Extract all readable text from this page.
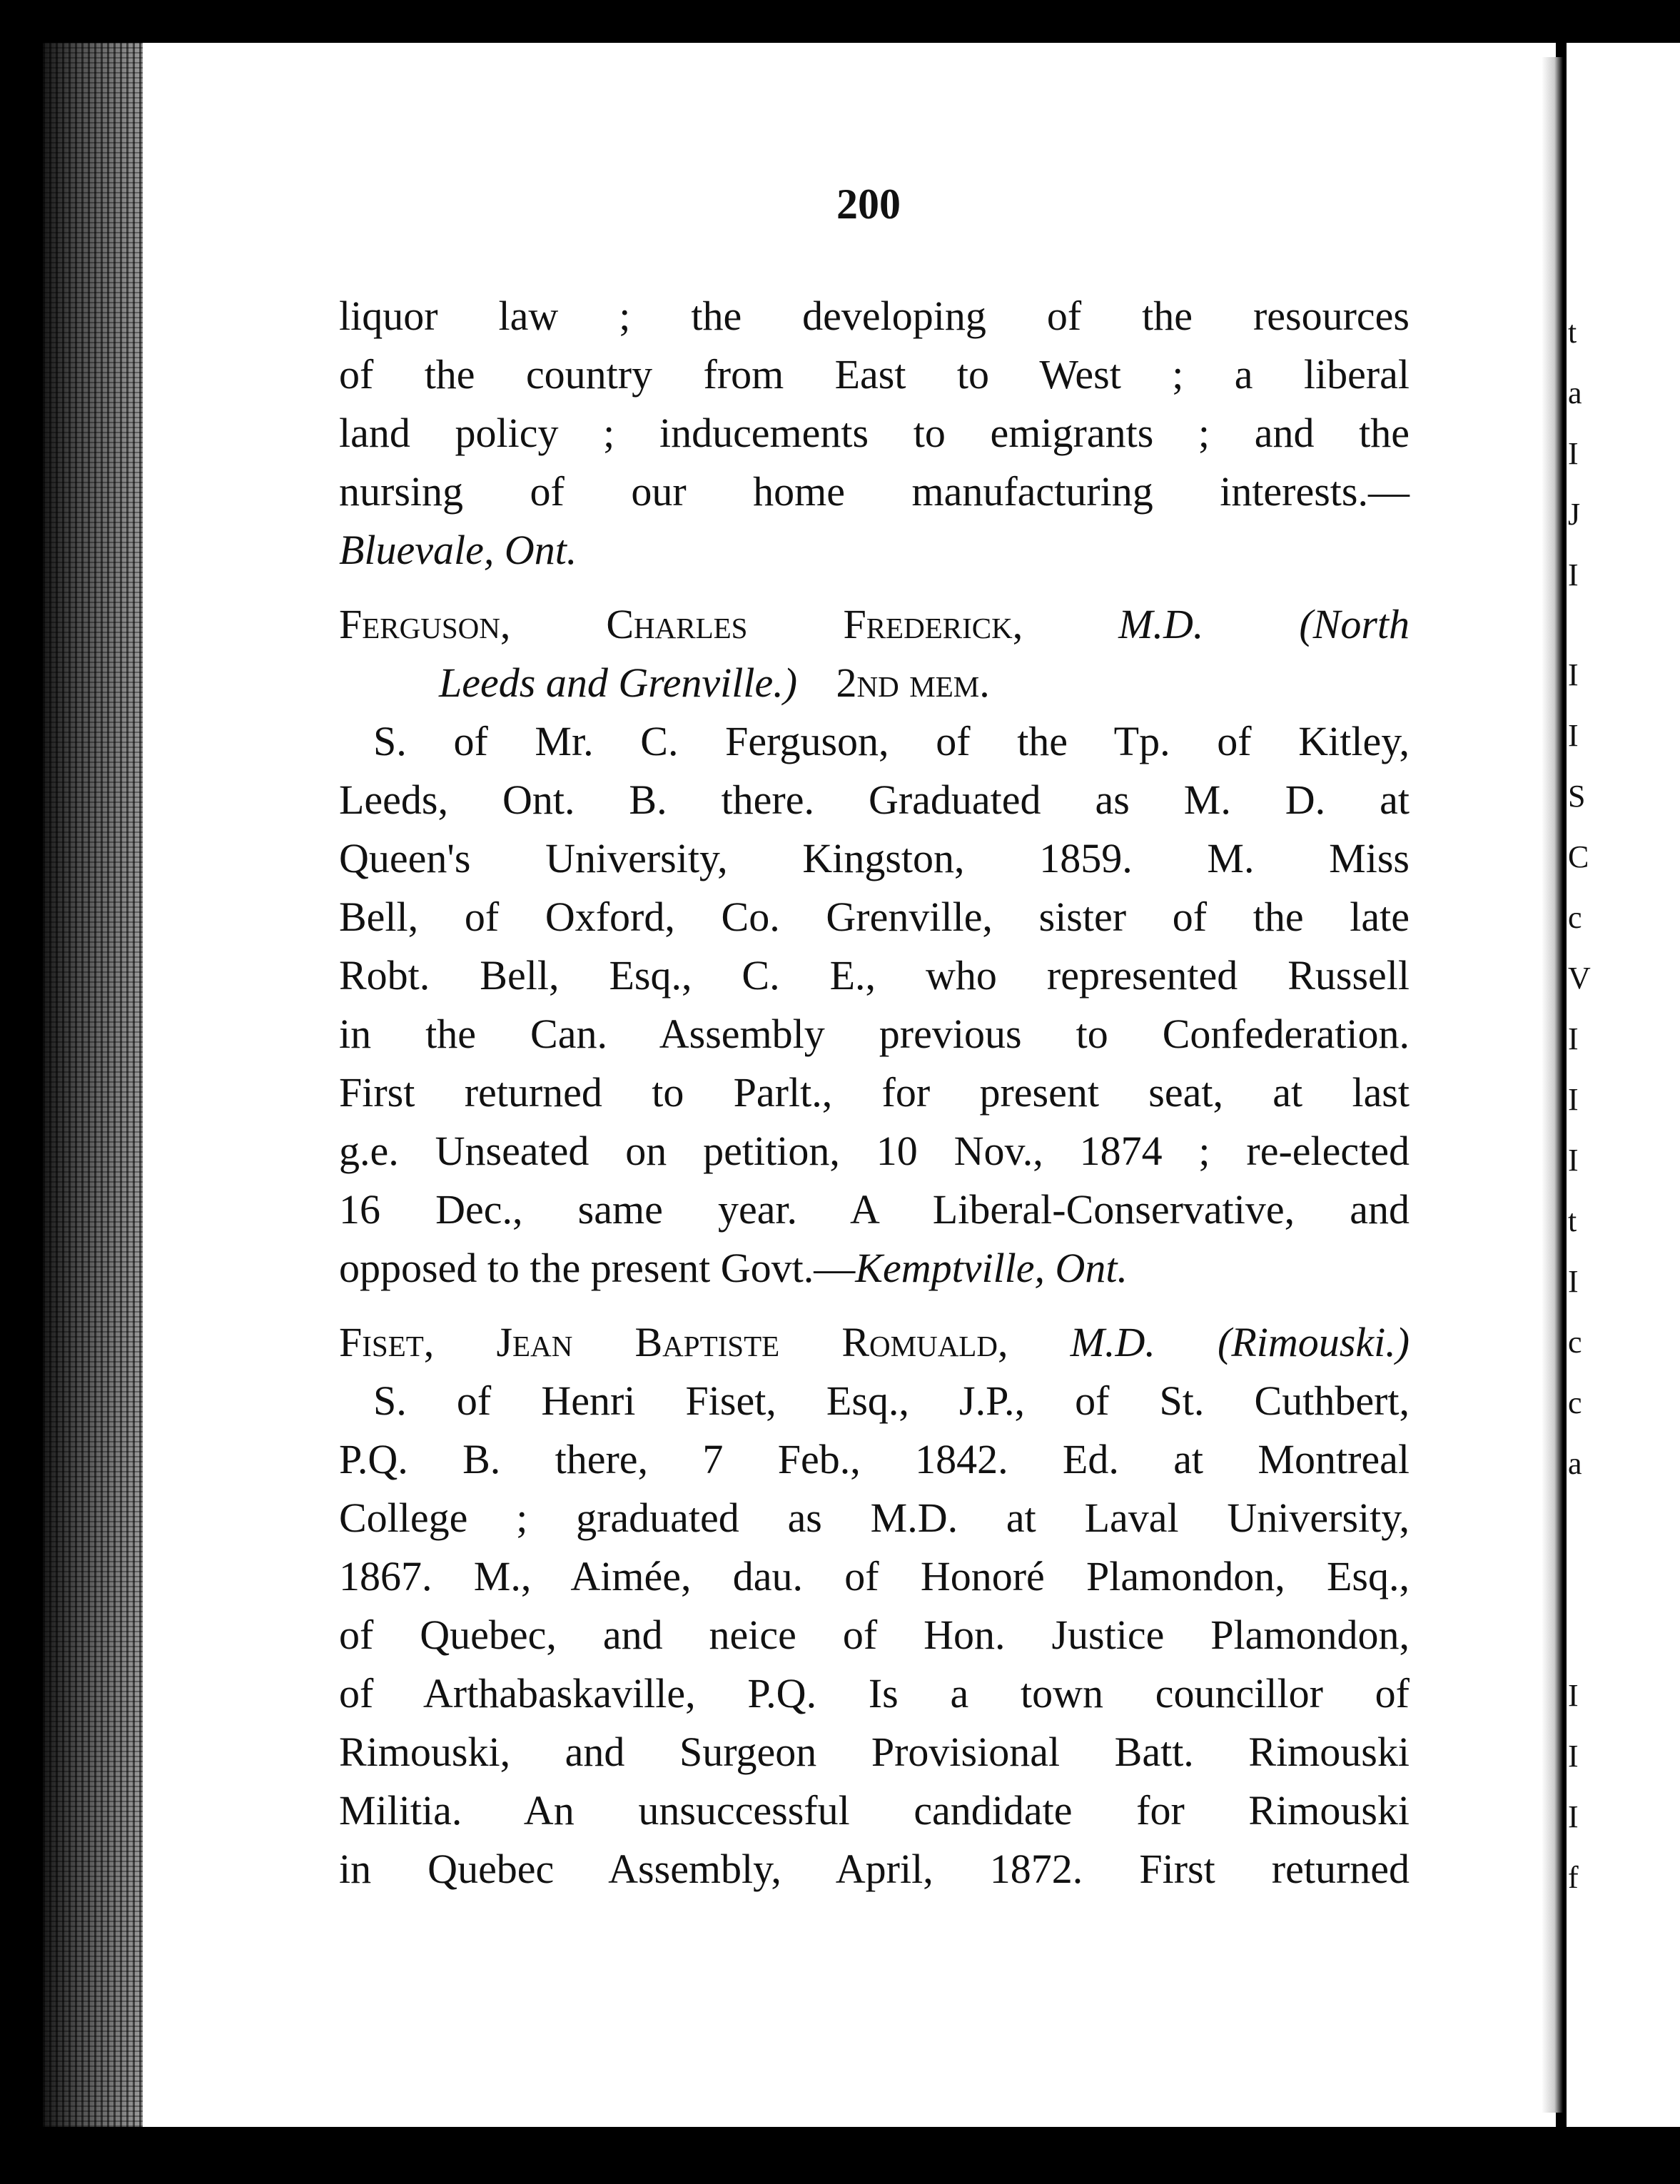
t
a
I
J
I
I
I
S
C
c
V
I
I
I
t
I
c
c
a
I
I
I
f
200
liquor law ; the developing of the resources
of the country from East to West ; a liberal
land policy ; inducements to emigrants ; and the
nursing of our home manufacturing interests.—
Bluevale, Ont.
Ferguson, Charles Frederick, M.D. (North
Leeds and Grenville.) 2nd mem.
S. of Mr. C. Ferguson, of the Tp. of Kitley,
Leeds, Ont. B. there. Graduated as M. D. at
Queen's University, Kingston, 1859. M. Miss
Bell, of Oxford, Co. Grenville, sister of the late
Robt. Bell, Esq., C. E., who represented Russell
in the Can. Assembly previous to Confederation.
First returned to Parlt., for present seat, at last
g.e. Unseated on petition, 10 Nov., 1874 ; re-elected
16 Dec., same year. A Liberal-Conservative, and
opposed to the present Govt.—Kemptville, Ont.
Fiset, Jean Baptiste Romuald, M.D. (Rimouski.)
S. of Henri Fiset, Esq., J.P., of St. Cuthbert,
P.Q. B. there, 7 Feb., 1842. Ed. at Montreal
College ; graduated as M.D. at Laval University,
1867. M., Aimée, dau. of Honoré Plamondon, Esq.,
of Quebec, and neice of Hon. Justice Plamondon,
of Arthabaskaville, P.Q. Is a town councillor of
Rimouski, and Surgeon Provisional Batt. Rimouski
Militia. An unsuccessful candidate for Rimouski
in Quebec Assembly, April, 1872. First returned
